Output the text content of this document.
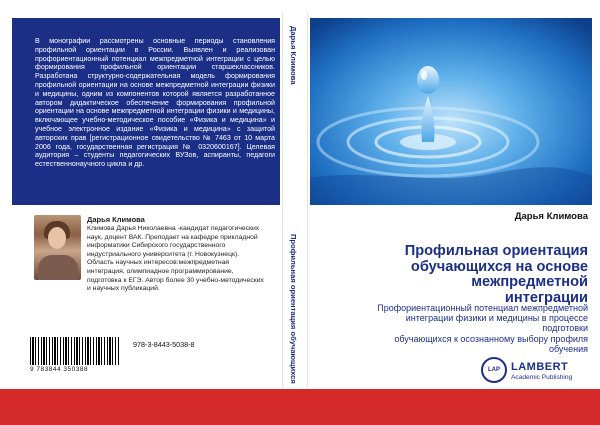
В монографии рассмотрены основные периоды становления профильной ориентации в России. Выявлен и реализован профориентационный потенциал межпредметной интеграции с целью формирования профильной ориентации старшеклассников. Разработана структурно-содержательная модель формирования профильной ориентации на основе межпредметной интеграции физики и медицины, одним из компонентов которой является разработанное автором дидактическое обеспечение формирования профильной ориентации на основе межпредметной интеграции физики и медицины, включающее учебно-методическое пособие «Физика и медицина» и учебное электронное издание «Физика и медицина» с защитой авторских прав [регистрационное свидетельство № 7463 от 10 марта 2006 года, государственная регистрация № 0320600167]. Целевая аудитория – студенты педагогических ВУЗов, аспиранты, педагоги естественнонаучного цикла и др.

Дарья Климова

Климова Дарья Николаевна -кандидат педагогических наук, доцент ВАК. Преподает на кафедре прикладной информатики Сибирского государственного индустриального университета (г. Новокузнецк). Область научных интересов:межпредметная интеграция, олимпиадное программирование, подготовка к ЕГЭ. Автор более 30 учебно-методических и научных публикаций.

9 783844 350388
978-3-8443-5038-8
Дарья Климова
Профильная ориентация обучающихся
Дарья Климова

Профильная ориентация
обучающихся на основе
межпредметной
интеграции

Профориентационный потенциал межпредметной
интеграции физики и медицины в процессе
подготовки
обучающихся к осознанному выбору профиля
обучения

LAP	LAMBERT
Academic Publishing
